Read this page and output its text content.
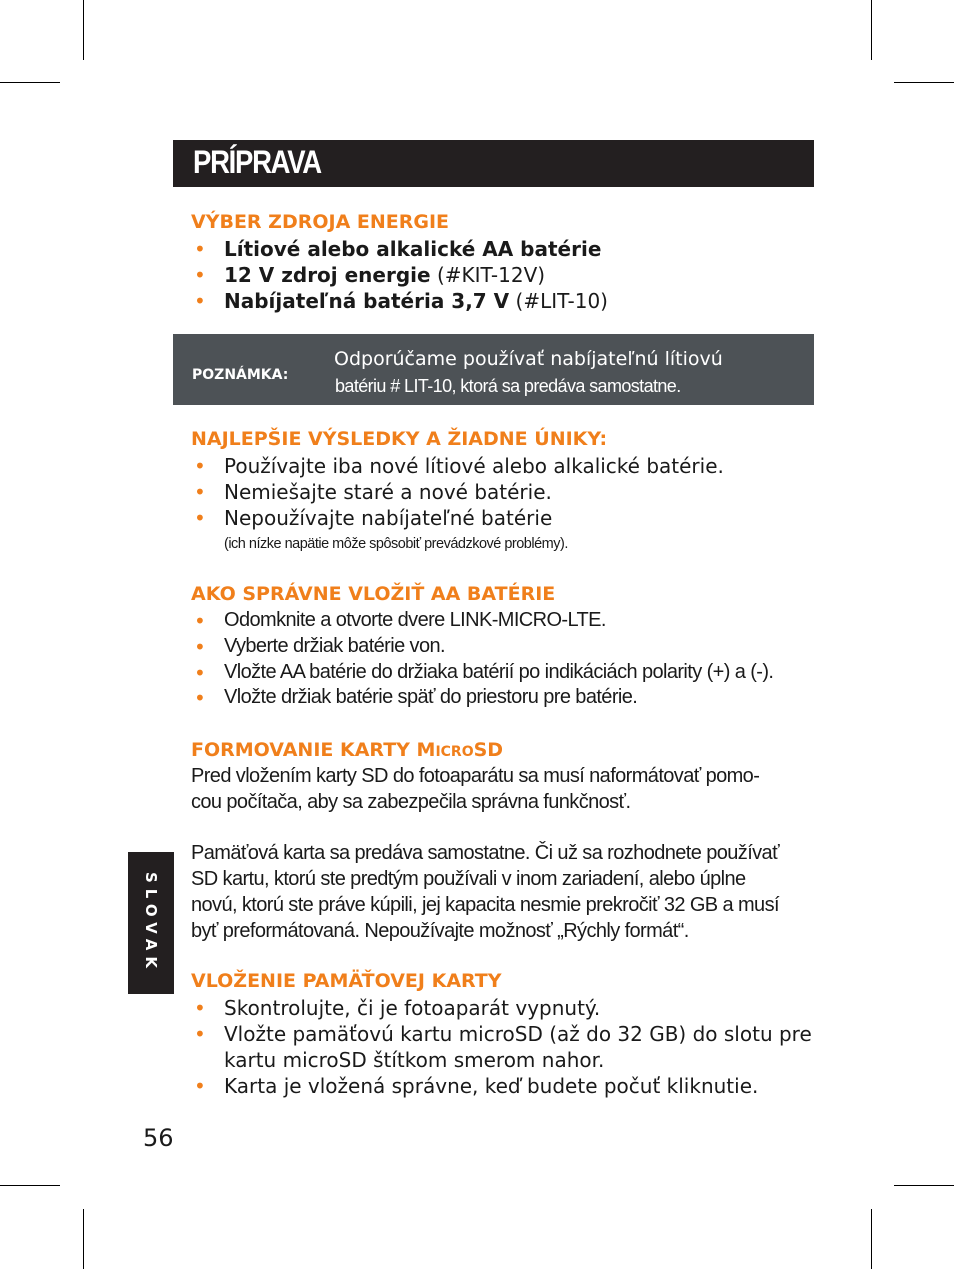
PRÍPRAVA
VÝBER ZDROJA ENERGIE
• Lítiové alebo alkalické AA batérie
• 12 V zdroj energie (#KIT-12V)
• Nabíjateľná batéria 3,7 V (#LIT-10)
POZNÁMKA:
Odporúčame používať nabíjateľnú lítiovú
batériu # LIT-10, ktorá sa predáva samostatne.
NAJLEPŠIE VÝSLEDKY A ŽIADNE ÚNIKY:
• Používajte iba nové lítiové alebo alkalické batérie.
• Nemiešajte staré a nové batérie.
• Nepoužívajte nabíjateľné batérie
(ich nízke napätie môže spôsobiť prevádzkové problémy).
AKO SPRÁVNE VLOŽIŤ AA BATÉRIE
• Odomknite a otvorte dvere LINK-MICRO-LTE.
• Vyberte držiak batérie von.
• Vložte AA batérie do držiaka batérií po indikáciách polarity (+) a (-).
• Vložte držiak batérie späť do priestoru pre batérie.
FORMOVANIE KARTY MICROSD
Pred vložením karty SD do fotoaparátu sa musí naformátovať pomo-
cou počítača, aby sa zabezpečila správna funkčnosť.
Pamäťová karta sa predáva samostatne. Či už sa rozhodnete používať
SD kartu, ktorú ste predtým používali v inom zariadení, alebo úplne
novú, ktorú ste práve kúpili, jej kapacita nesmie prekročiť 32 GB a musí
byť preformátovaná. Nepoužívajte možnosť „Rýchly formát“.
VLOŽENIE PAMÄŤOVEJ KARTY
• Skontrolujte, či je fotoaparát vypnutý.
• Vložte pamäťovú kartu microSD (až do 32 GB) do slotu pre
kartu microSD štítkom smerom nahor.
• Karta je vložená správne, keď budete počuť kliknutie.
SLOVAK
56
